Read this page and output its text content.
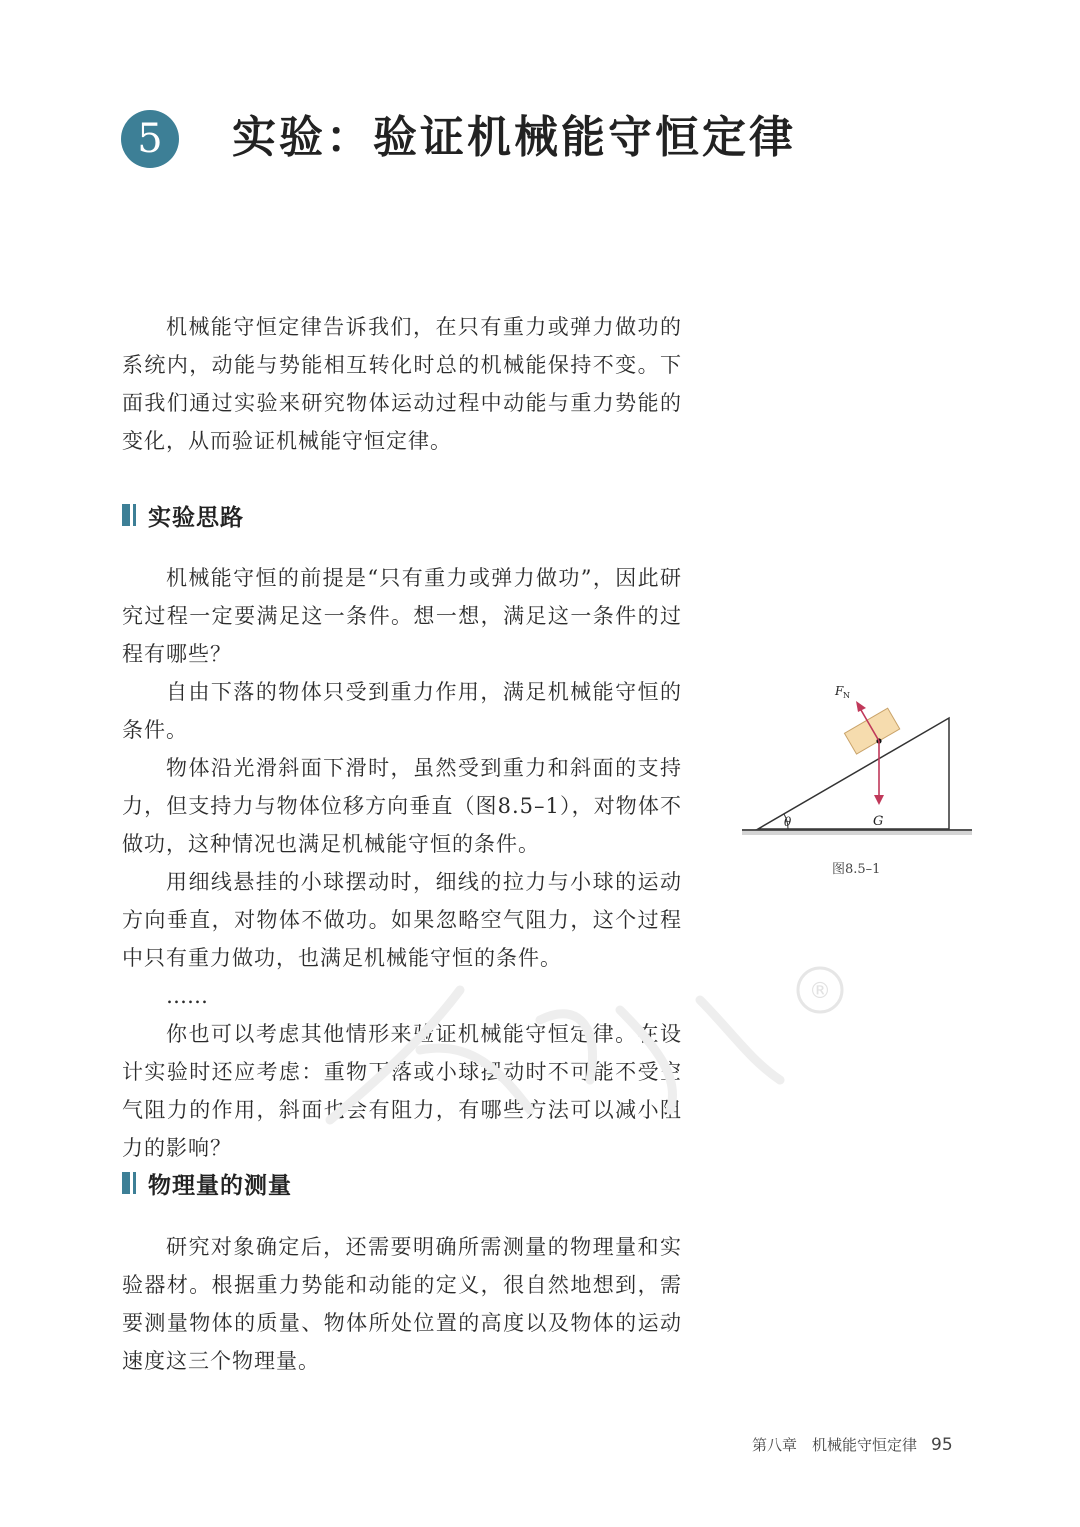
5	实验：验证机械能守恒定律

机械能守恒定律告诉我们，在只有重力或弹力做功的系统内，动能与势能相互转化时总的机械能保持不变。下面我们通过实验来研究物体运动过程中动能与重力势能的变化，从而验证机械能守恒定律。

实验思路

机械能守恒的前提是“只有重力或弹力做功”，因此研究过程一定要满足这一条件。想一想，满足这一条件的过程有哪些？

自由下落的物体只受到重力作用，满足机械能守恒的条件。

物体沿光滑斜面下滑时，虽然受到重力和斜面的支持力，但支持力与物体位移方向垂直（图8.5–1），对物体不做功，这种情况也满足机械能守恒的条件。

用细线悬挂的小球摆动时，细线的拉力与小球的运动方向垂直，对物体不做功。如果忽略空气阻力，这个过程中只有重力做功，也满足机械能守恒的条件。

……

你也可以考虑其他情形来验证机械能守恒定律。在设计实验时还应考虑：重物下落或小球摆动时不可能不受空气阻力的作用，斜面也会有阻力，有哪些方法可以减小阻力的影响？

物理量的测量

研究对象确定后，还需要明确所需测量的物理量和实验器材。根据重力势能和动能的定义，很自然地想到，需要测量物体的质量、物体所处位置的高度以及物体的运动速度这三个物理量。

θ
F N
G
图8.5–1
®
第八章　机械能守恒定律 95
